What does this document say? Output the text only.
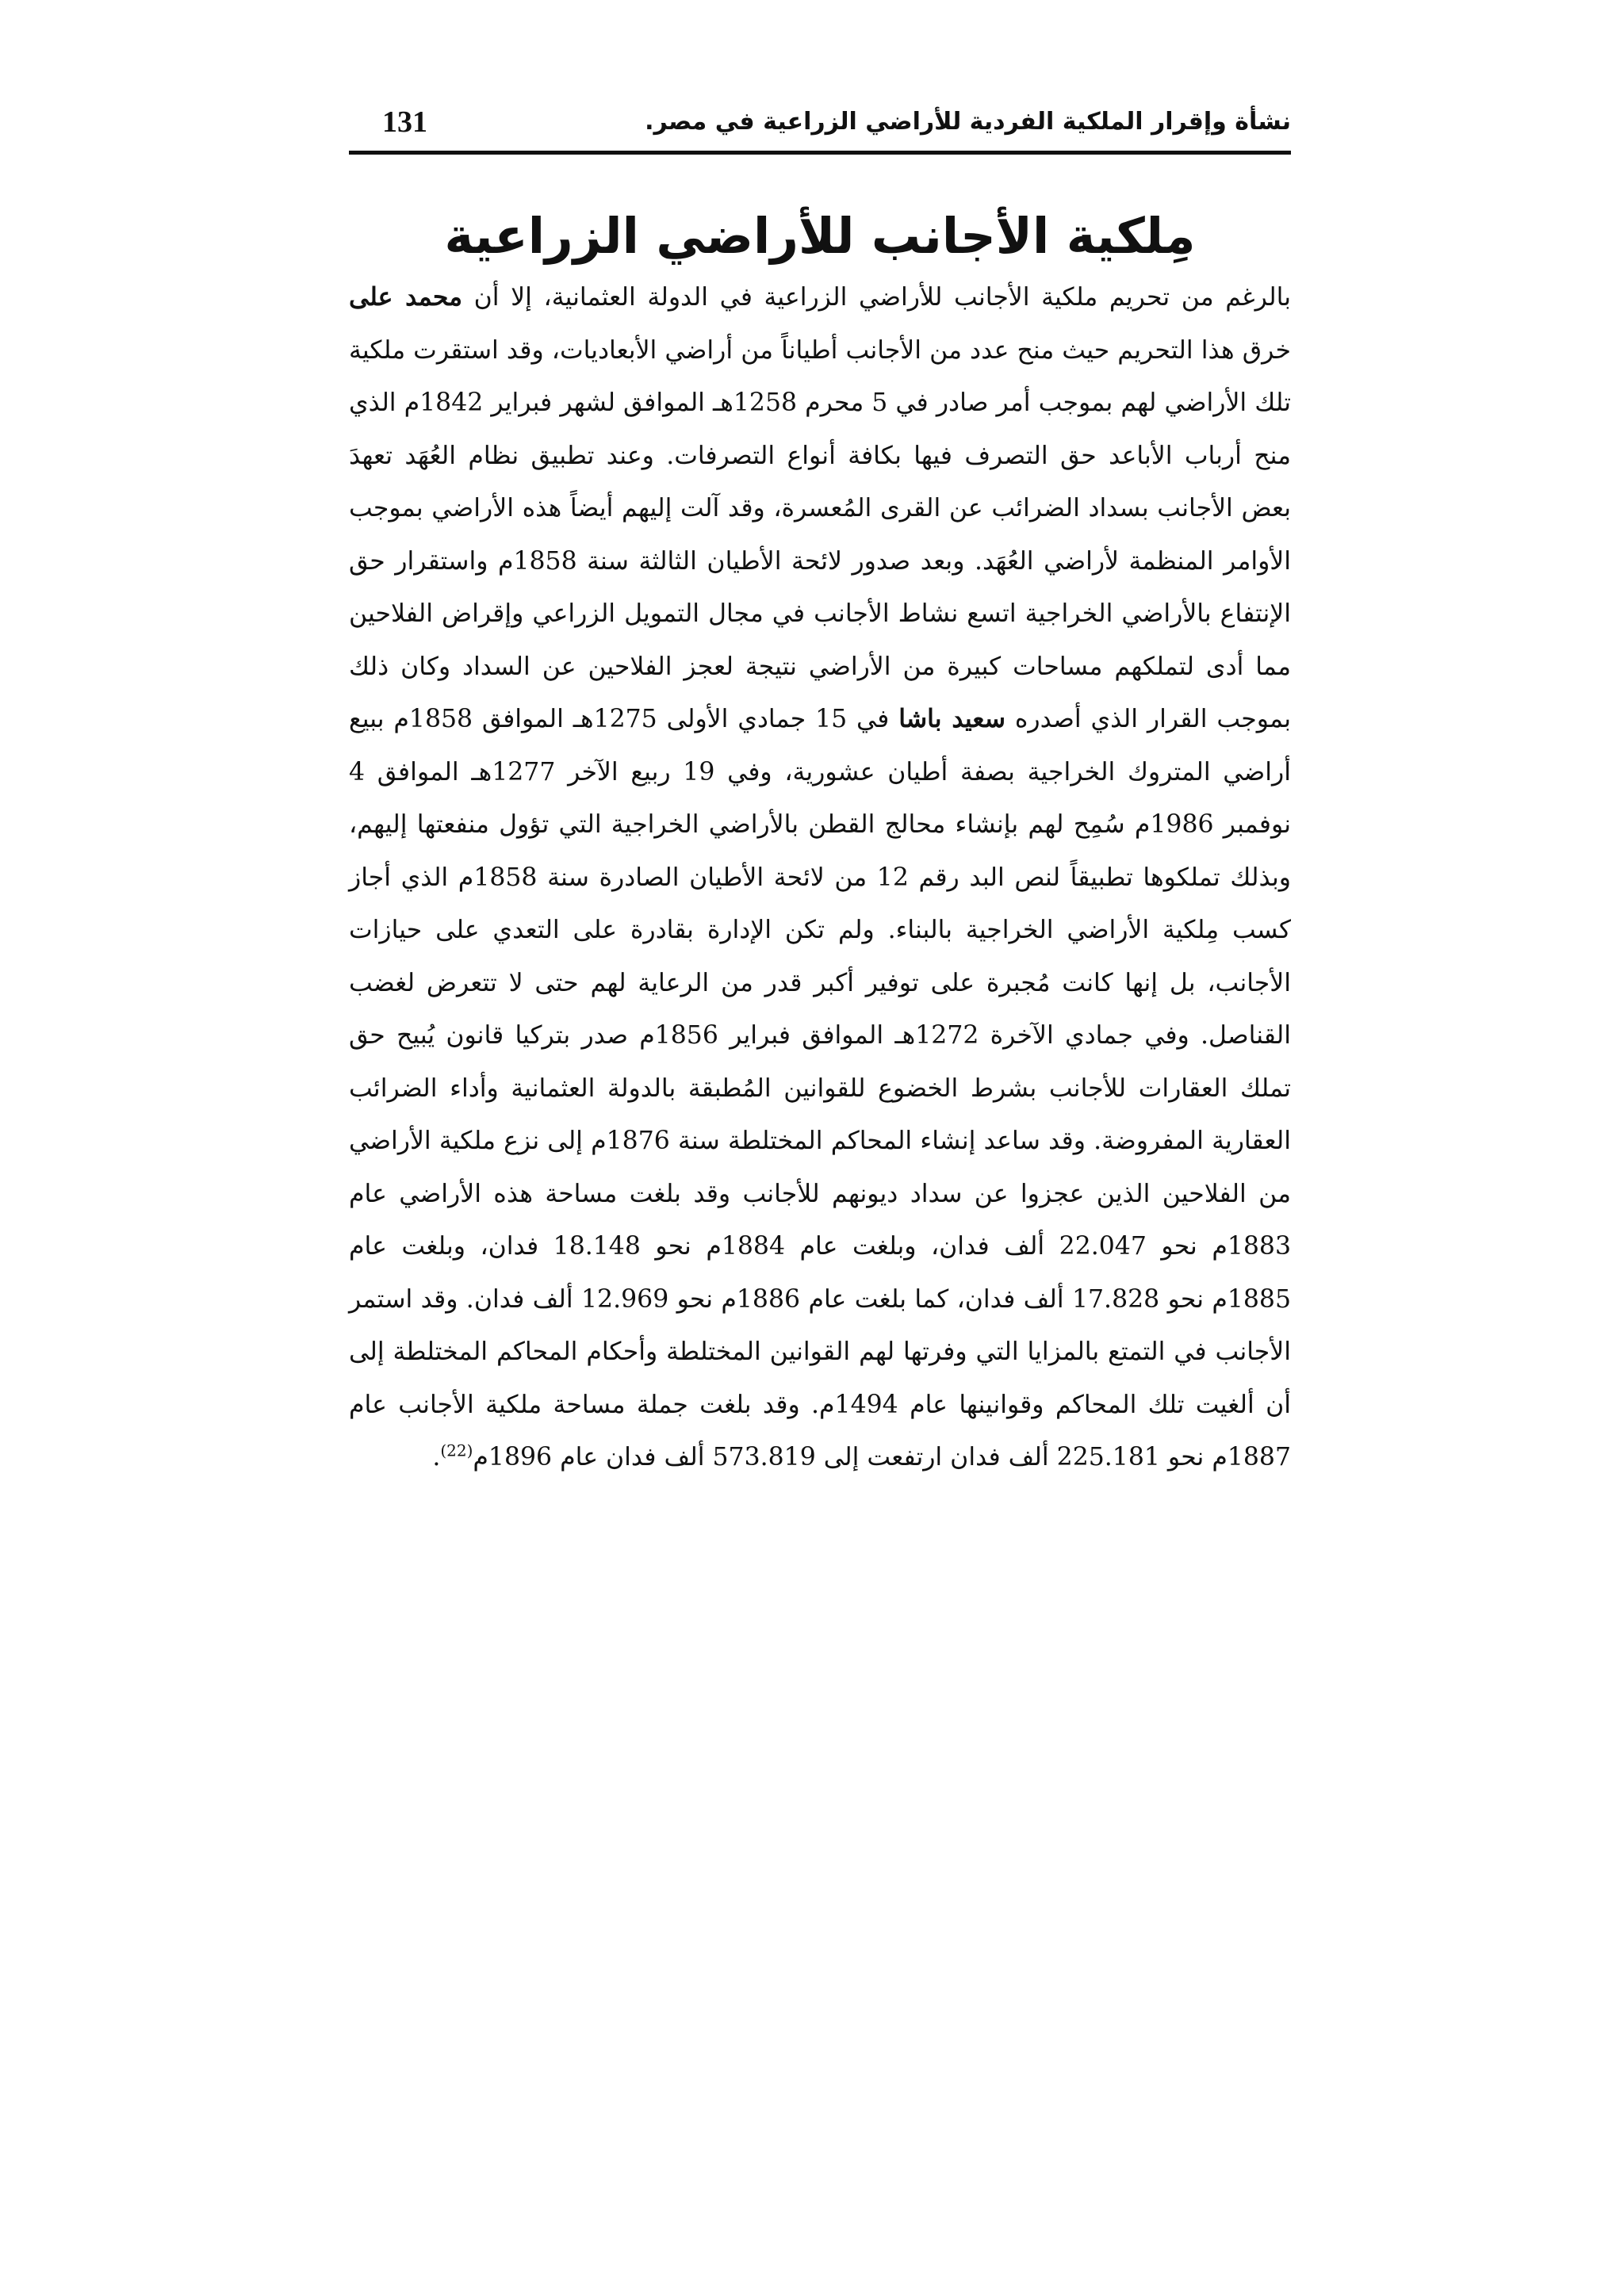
نشأة وإقرار الملكية الفردية للأراضي الزراعية في مصر.
131
مِلكية الأجانب للأراضي الزراعية

بالرغم من تحريم ملكية الأجانب للأراضي الزراعية في الدولة العثمانية، إلا أن محمد على خرق هذا التحريم حيث منح عدد من الأجانب أطياناً من أراضي الأبعاديات، وقد استقرت ملكية تلك الأراضي لهم بموجب أمر صادر في 5 محرم 1258هـ الموافق لشهر فبراير 1842م الذي منح أرباب الأباعد حق التصرف فيها بكافة أنواع التصرفات. وعند تطبيق نظام العُهَد تعهدَ بعض الأجانب بسداد الضرائب عن القرى المُعسرة، وقد آلت إليهم أيضاً هذه الأراضي بموجب الأوامر المنظمة لأراضي العُهَد. وبعد صدور لائحة الأطيان الثالثة سنة 1858م واستقرار حق الإنتفاع بالأراضي الخراجية اتسع نشاط الأجانب في مجال التمويل الزراعي وإقراض الفلاحين مما أدى لتملكهم مساحات كبيرة من الأراضي نتيجة لعجز الفلاحين عن السداد وكان ذلك بموجب القرار الذي أصدره سعيد باشا في 15 جمادي الأولى 1275هـ الموافق 1858م ببيع أراضي المتروك الخراجية بصفة أطيان عشورية، وفي 19 ربيع الآخر 1277هـ الموافق 4 نوفمبر 1986م سُمِح لهم بإنشاء محالج القطن بالأراضي الخراجية التي تؤول منفعتها إليهم، وبذلك تملكوها تطبيقاً لنص البد رقم 12 من لائحة الأطيان الصادرة سنة 1858م الذي أجاز كسب مِلكية الأراضي الخراجية بالبناء. ولم تكن الإدارة بقادرة على التعدي على حيازات الأجانب، بل إنها كانت مُجبرة على توفير أكبر قدر من الرعاية لهم حتى لا تتعرض لغضب القناصل. وفي جمادي الآخرة 1272هـ الموافق فبراير 1856م صدر بتركيا قانون يُبيح حق تملك العقارات للأجانب بشرط الخضوع للقوانين المُطبقة بالدولة العثمانية وأداء الضرائب العقارية المفروضة. وقد ساعد إنشاء المحاكم المختلطة سنة 1876م إلى نزع ملكية الأراضي من الفلاحين الذين عجزوا عن سداد ديونهم للأجانب وقد بلغت مساحة هذه الأراضي عام 1883م نحو 22.047 ألف فدان، وبلغت عام 1884م نحو 18.148 فدان، وبلغت عام 1885م نحو 17.828 ألف فدان، كما بلغت عام 1886م نحو 12.969 ألف فدان. وقد استمر الأجانب في التمتع بالمزايا التي وفرتها لهم القوانين المختلطة وأحكام المحاكم المختلطة إلى أن ألغيت تلك المحاكم وقوانينها عام 1494م. وقد بلغت جملة مساحة ملكية الأجانب عام 1887م نحو 225.181 ألف فدان ارتفعت إلى 573.819 ألف فدان عام 1896م$^{(22)}$.
